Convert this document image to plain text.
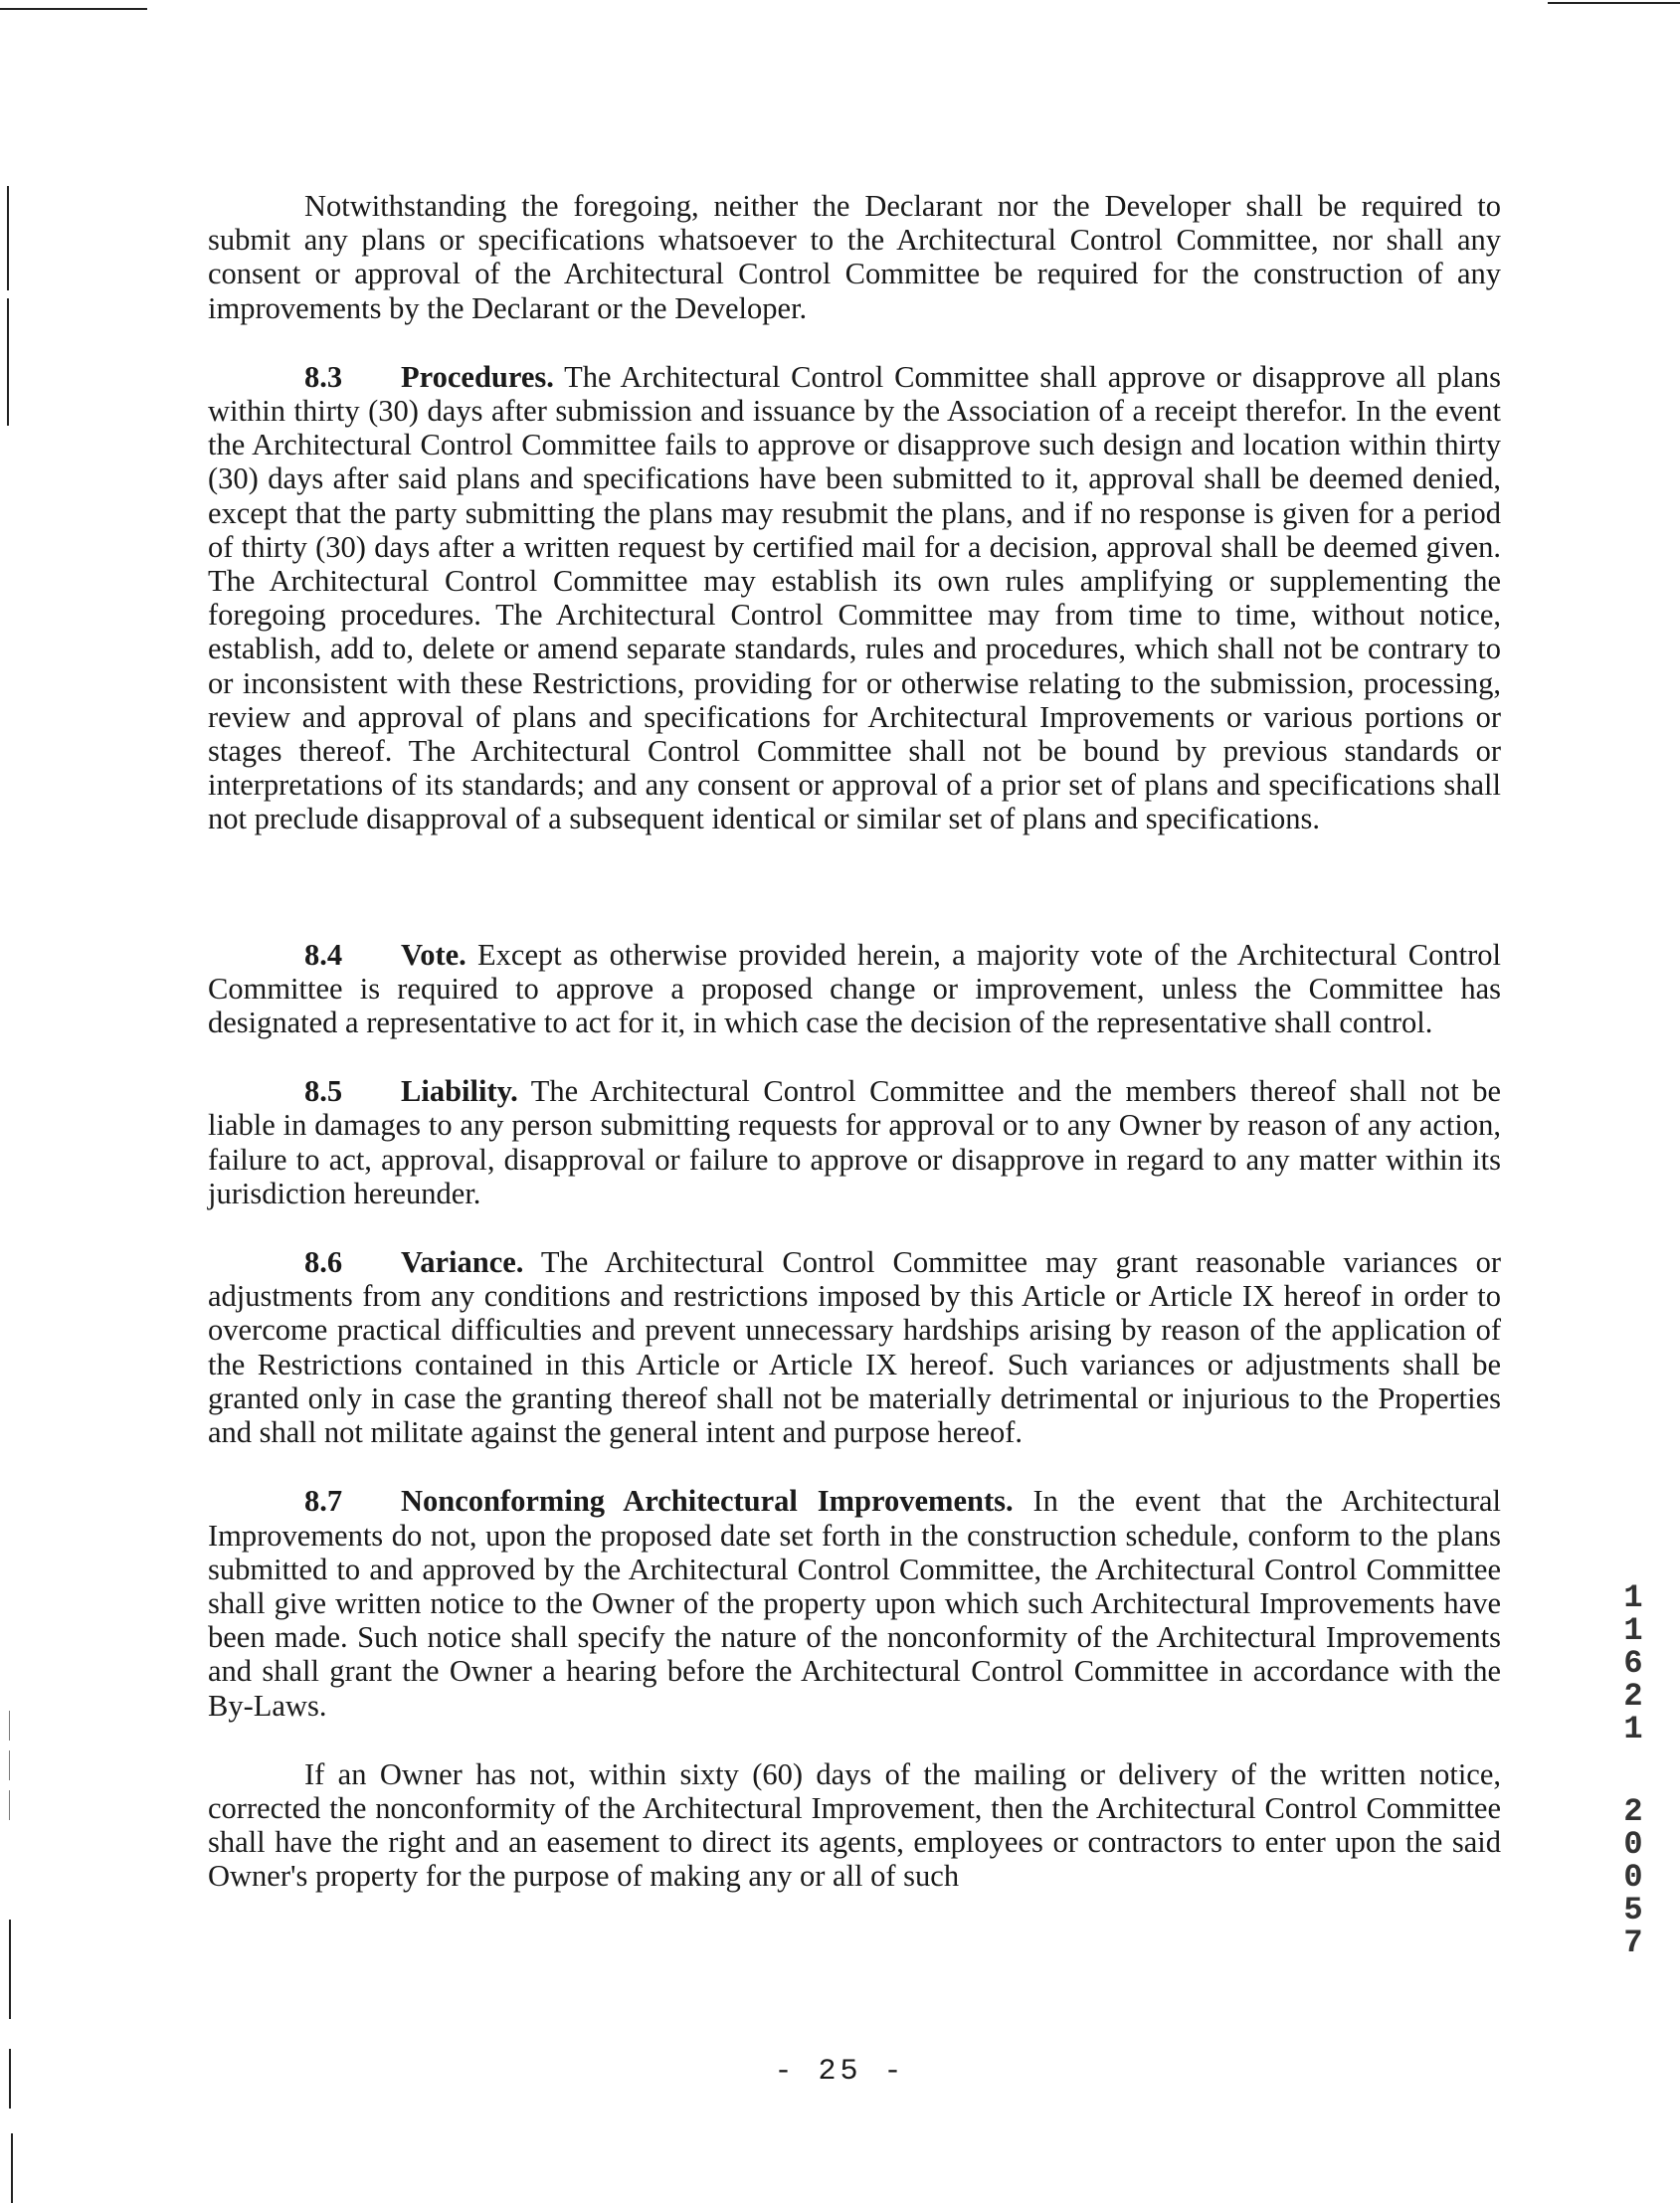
Notwithstanding the foregoing, neither the Declarant nor the Developer shall be required to submit any plans or specifications whatsoever to the Architectural Control Committee, nor shall any consent or approval of the Architectural Control Committee be required for the construction of any improvements by the Declarant or the Developer.

8.3 Procedures. The Architectural Control Committee shall approve or disapprove all plans within thirty (30) days after submission and issuance by the Association of a receipt therefor. In the event the Architectural Control Committee fails to approve or disapprove such design and location within thirty (30) days after said plans and specifications have been submitted to it, approval shall be deemed denied, except that the party submitting the plans may resubmit the plans, and if no response is given for a period of thirty (30) days after a written request by certified mail for a decision, approval shall be deemed given. The Architectural Control Committee may establish its own rules amplifying or supplementing the foregoing procedures. The Architectural Control Committee may from time to time, without notice, establish, add to, delete or amend separate standards, rules and procedures, which shall not be contrary to or inconsistent with these Restrictions, providing for or otherwise relating to the submission, processing, review and approval of plans and specifications for Architectural Improvements or various portions or stages thereof. The Architectural Control Committee shall not be bound by previous standards or interpretations of its standards; and any consent or approval of a prior set of plans and specifications shall not preclude disapproval of a subsequent identical or similar set of plans and specifications.

8.4 Vote. Except as otherwise provided herein, a majority vote of the Architectural Control Committee is required to approve a proposed change or improvement, unless the Committee has designated a representative to act for it, in which case the decision of the representative shall control.

8.5 Liability. The Architectural Control Committee and the members thereof shall not be liable in damages to any person submitting requests for approval or to any Owner by reason of any action, failure to act, approval, disapproval or failure to approve or disapprove in regard to any matter within its jurisdiction hereunder.

8.6 Variance. The Architectural Control Committee may grant reasonable variances or adjustments from any conditions and restrictions imposed by this Article or Article IX hereof in order to overcome practical difficulties and prevent unnecessary hardships arising by reason of the application of the Restrictions contained in this Article or Article IX hereof. Such variances or adjustments shall be granted only in case the granting thereof shall not be materially detrimental or injurious to the Properties and shall not militate against the general intent and purpose hereof.

8.7 Nonconforming Architectural Improvements. In the event that the Architectural Improvements do not, upon the proposed date set forth in the construction schedule, conform to the plans submitted to and approved by the Architectural Control Committee, the Architectural Control Committee shall give written notice to the Owner of the property upon which such Architectural Improvements have been made. Such notice shall specify the nature of the nonconformity of the Architectural Improvements and shall grant the Owner a hearing before the Architectural Control Committee in accordance with the By-Laws.

If an Owner has not, within sixty (60) days of the mailing or delivery of the written notice, corrected the nonconformity of the Architectural Improvement, then the Architectural Control Committee shall have the right and an easement to direct its agents, employees or contractors to enter upon the said Owner's property for the purpose of making any or all of such

- 25 -
1
1
6
2
1
2
0
0
5
7
